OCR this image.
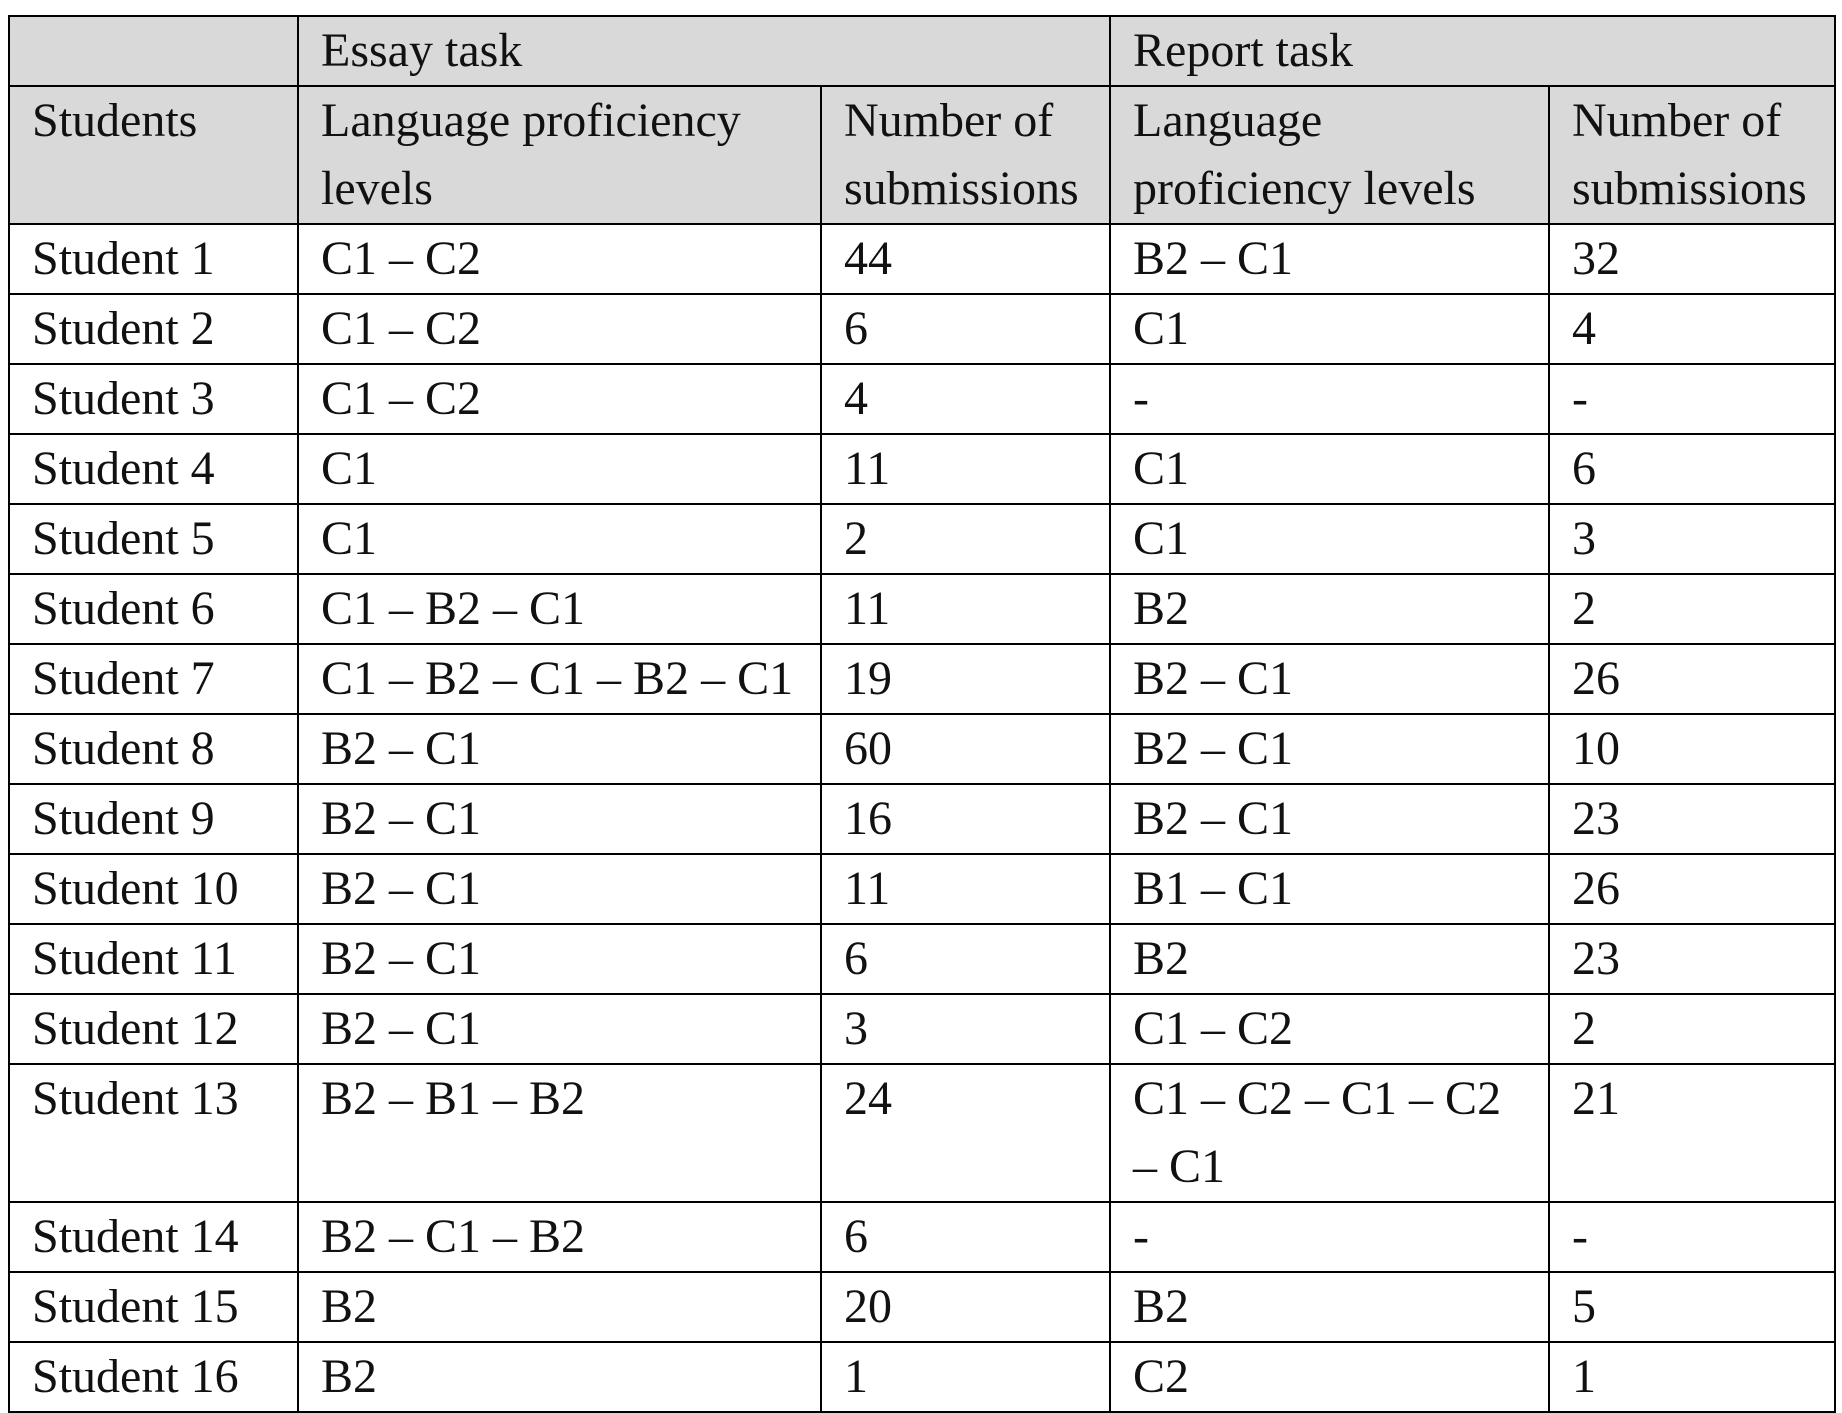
	Essay task		Report task	
Students	Language proficiency levels	Number of submissions	Language proficiency levels	Number of submissions
Student 1	C1 – C2	44	B2 – C1	32
Student 2	C1 – C2	6	C1	4
Student 3	C1 – C2	4	-	-
Student 4	C1	11	C1	6
Student 5	C1	2	C1	3
Student 6	C1 – B2 – C1	11	B2	2
Student 7	C1 – B2 – C1 – B2 – C1	19	B2 – C1	26
Student 8	B2 – C1	60	B2 – C1	10
Student 9	B2 – C1	16	B2 – C1	23
Student 10	B2 – C1	11	B1 – C1	26
Student 11	B2 – C1	6	B2	23
Student 12	B2 – C1	3	C1 – C2	2
Student 13	B2 – B1 – B2	24	C1 – C2 – C1 – C2 – C1	21
Student 14	B2 – C1 – B2	6	-	-
Student 15	B2	20	B2	5
Student 16	B2	1	C2	1
